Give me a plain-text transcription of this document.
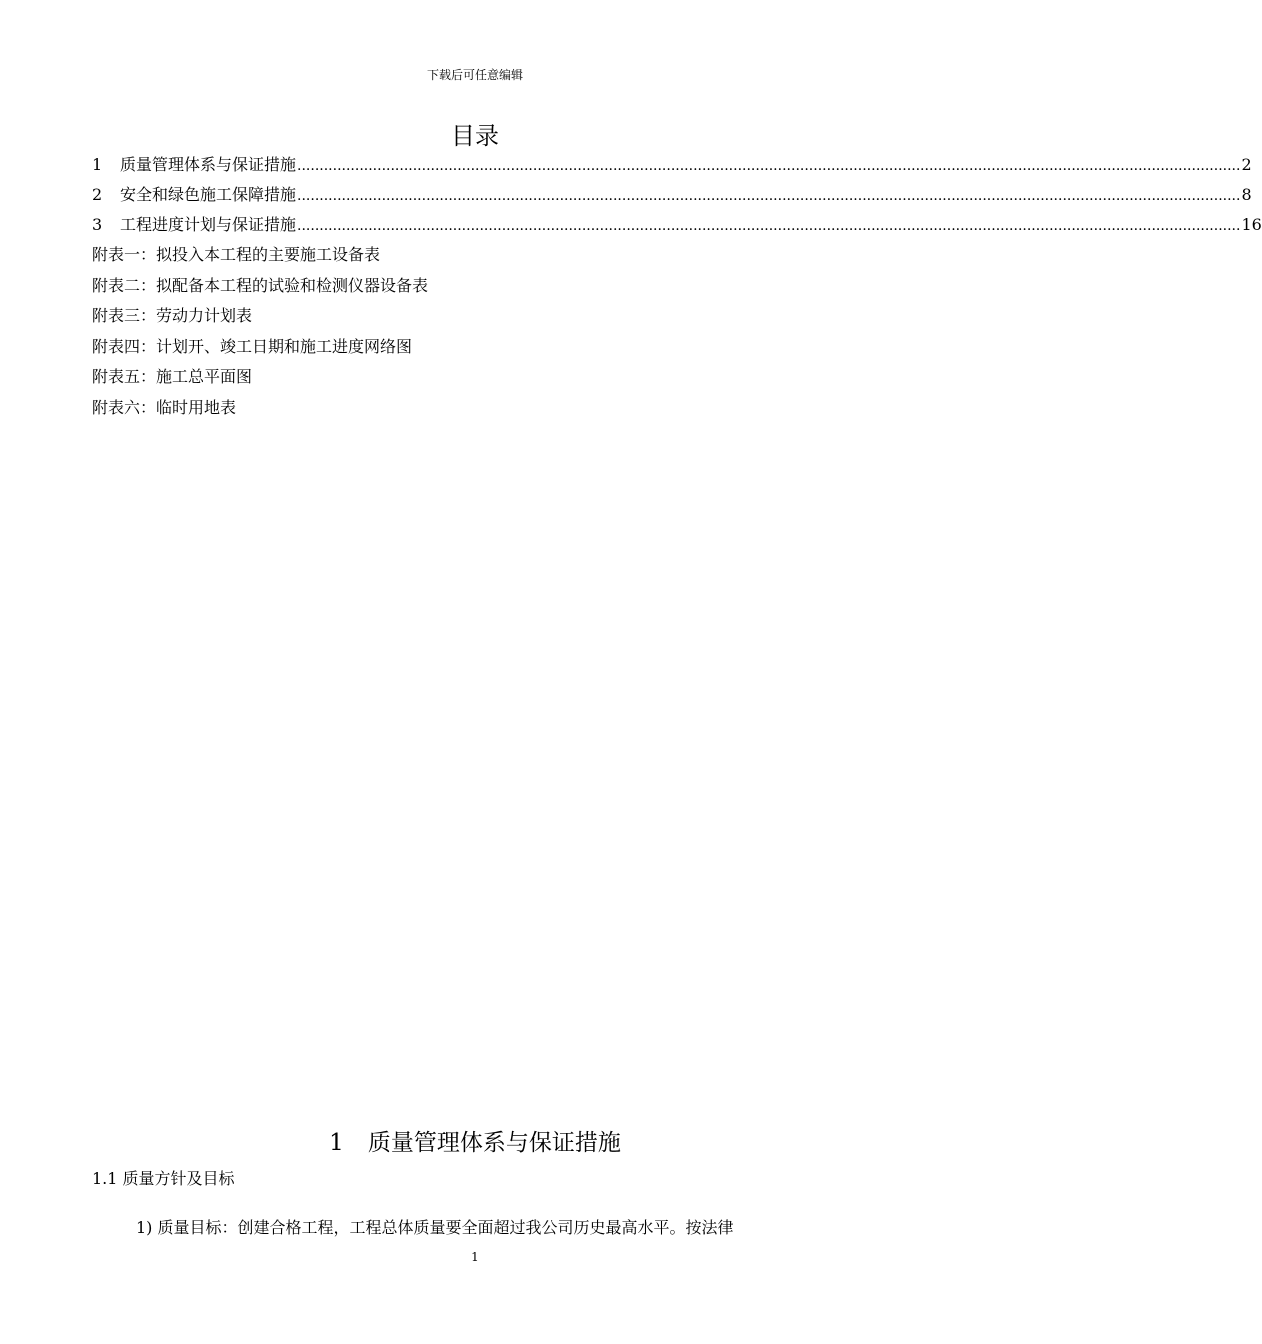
下载后可任意编辑
目录
1	质量管理体系与保证措施 .................................................................................................................................................................................................................... 2
2	安全和绿色施工保障措施 .................................................................................................................................................................................................................... 8
3	工程进度计划与保证措施 .................................................................................................................................................................................................................... 16
附表一：拟投入本工程的主要施工设备表
附表二：拟配备本工程的试验和检测仪器设备表
附表三：劳动力计划表
附表四：计划开、竣工日期和施工进度网络图
附表五：施工总平面图
附表六：临时用地表
1 质量管理体系与保证措施
1.1 质量方针及目标
1) 质量目标：创建合格工程，工程总体质量要全面超过我公司历史最高水平。按法律
1
